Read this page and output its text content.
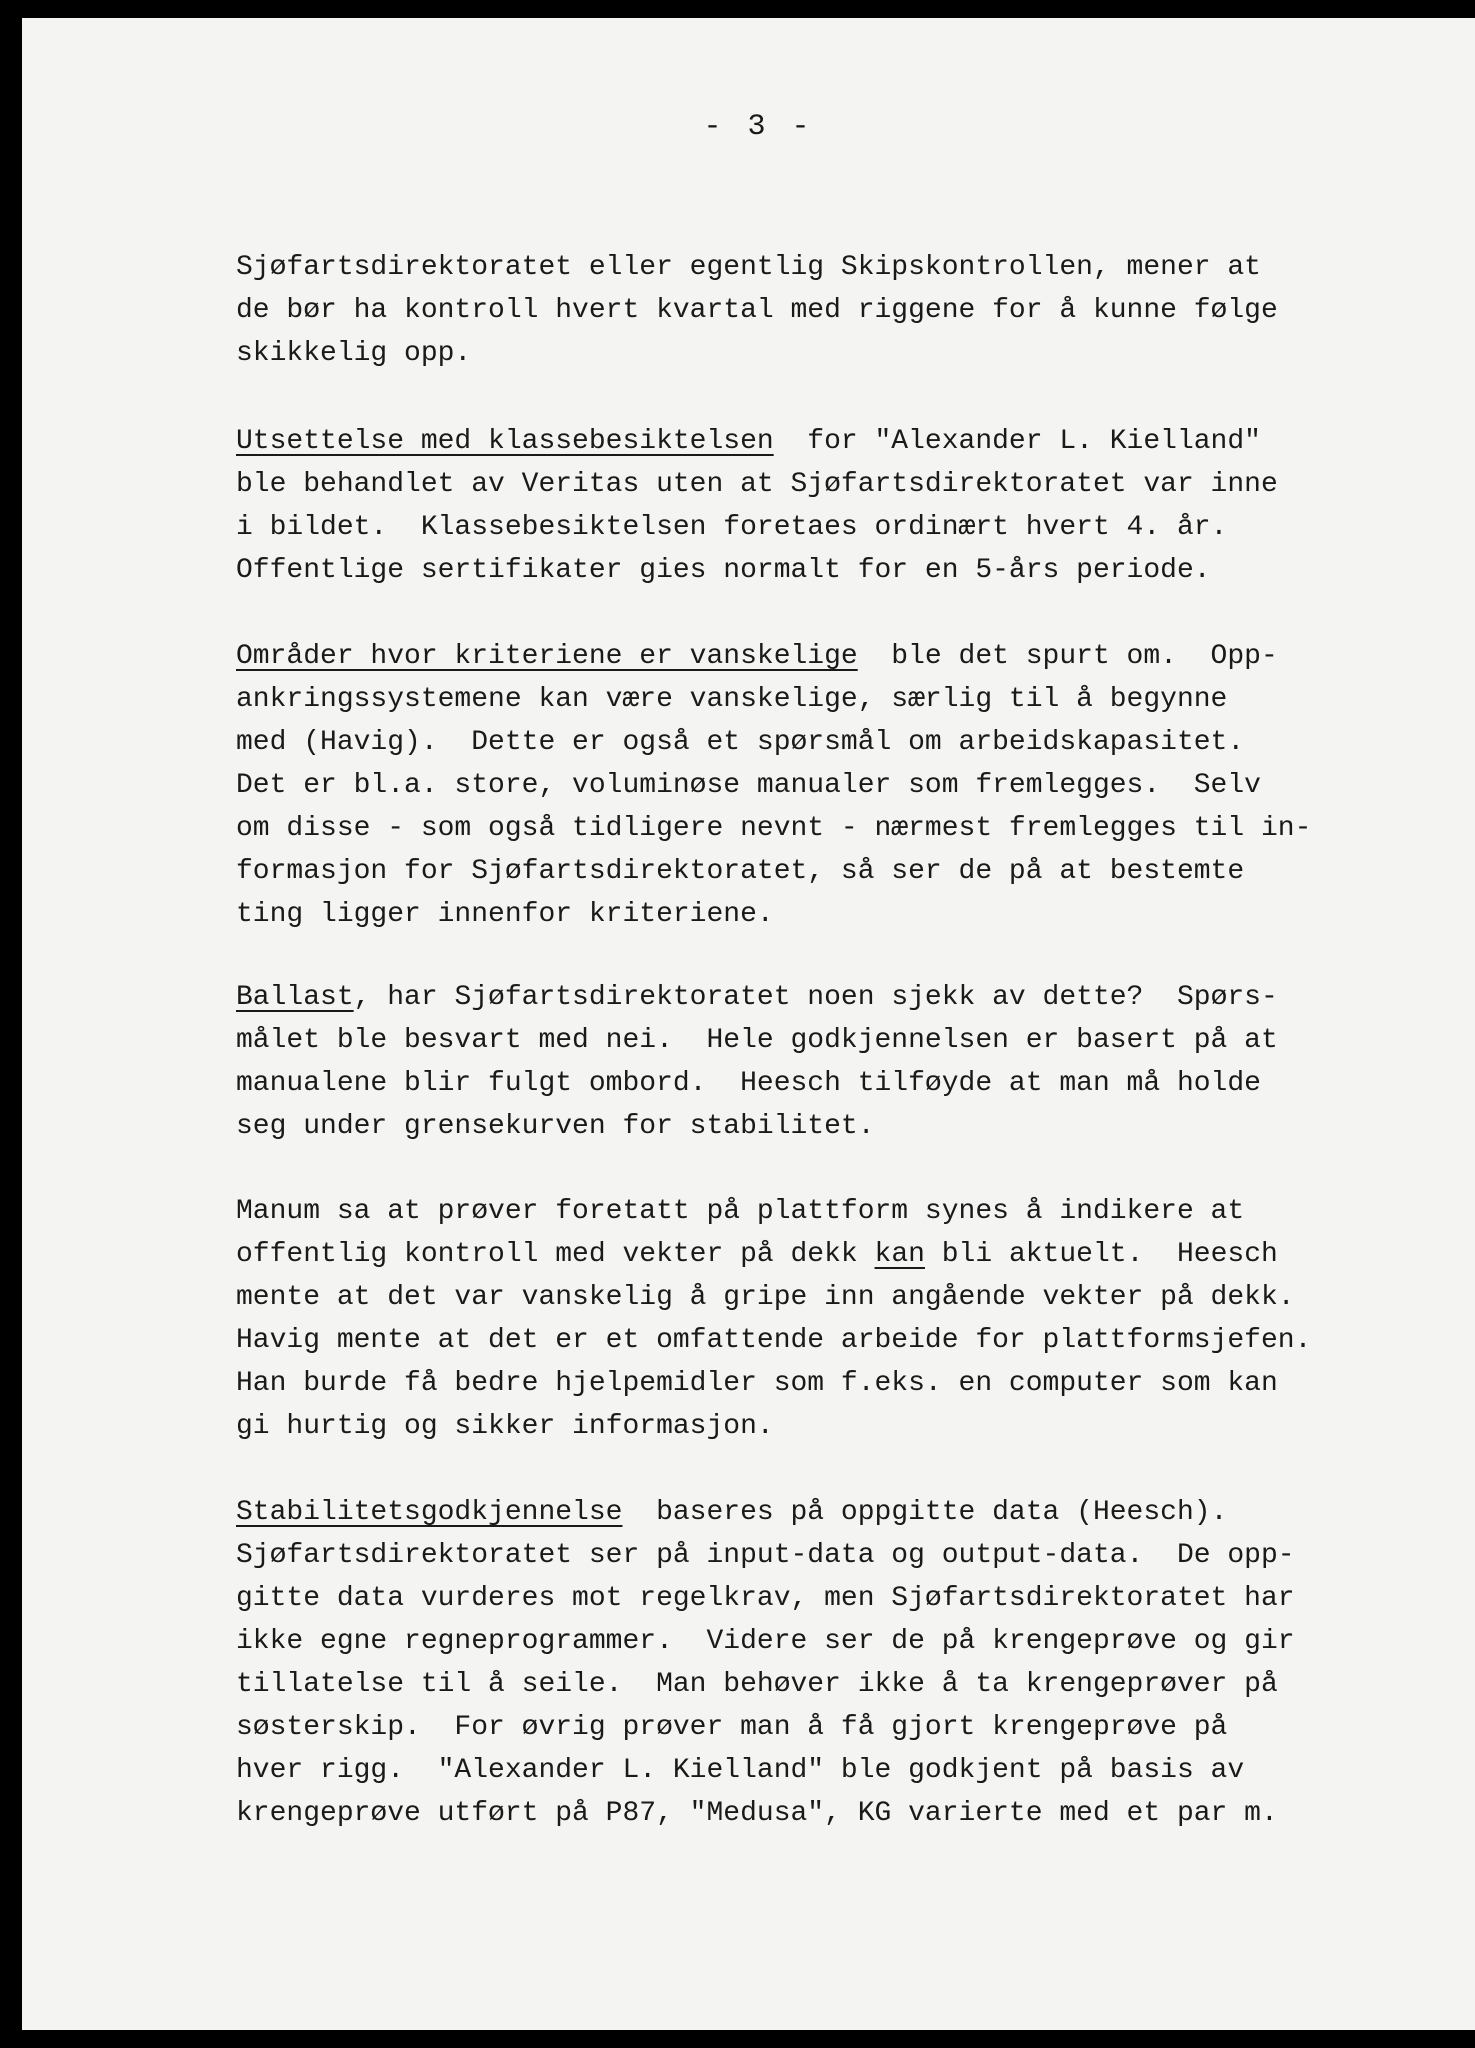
- 3 -
Sjøfartsdirektoratet eller egentlig Skipskontrollen, mener at
de bør ha kontroll hvert kvartal med riggene for å kunne følge
skikkelig opp.
Utsettelse med klassebesiktelsen  for "Alexander L. Kielland"
ble behandlet av Veritas uten at Sjøfartsdirektoratet var inne
i bildet.  Klassebesiktelsen foretaes ordinært hvert 4. år.
Offentlige sertifikater gies normalt for en 5-års periode.
Områder hvor kriteriene er vanskelige  ble det spurt om.  Opp-
ankringssystemene kan være vanskelige, særlig til å begynne
med (Havig).  Dette er også et spørsmål om arbeidskapasitet.
Det er bl.a. store, voluminøse manualer som fremlegges.  Selv
om disse - som også tidligere nevnt - nærmest fremlegges til in-
formasjon for Sjøfartsdirektoratet, så ser de på at bestemte
ting ligger innenfor kriteriene.
Ballast, har Sjøfartsdirektoratet noen sjekk av dette?  Spørs-
målet ble besvart med nei.  Hele godkjennelsen er basert på at
manualene blir fulgt ombord.  Heesch tilføyde at man må holde
seg under grensekurven for stabilitet.
Manum sa at prøver foretatt på plattform synes å indikere at
offentlig kontroll med vekter på dekk kan bli aktuelt.  Heesch
mente at det var vanskelig å gripe inn angående vekter på dekk.
Havig mente at det er et omfattende arbeide for plattformsjefen.
Han burde få bedre hjelpemidler som f.eks. en computer som kan
gi hurtig og sikker informasjon.
Stabilitetsgodkjennelse  baseres på oppgitte data (Heesch).
Sjøfartsdirektoratet ser på input-data og output-data.  De opp-
gitte data vurderes mot regelkrav, men Sjøfartsdirektoratet har
ikke egne regneprogrammer.  Videre ser de på krengeprøve og gir
tillatelse til å seile.  Man behøver ikke å ta krengeprøver på
søsterskip.  For øvrig prøver man å få gjort krengeprøve på
hver rigg.  "Alexander L. Kielland" ble godkjent på basis av
krengeprøve utført på P87, "Medusa", KG varierte med et par m.
